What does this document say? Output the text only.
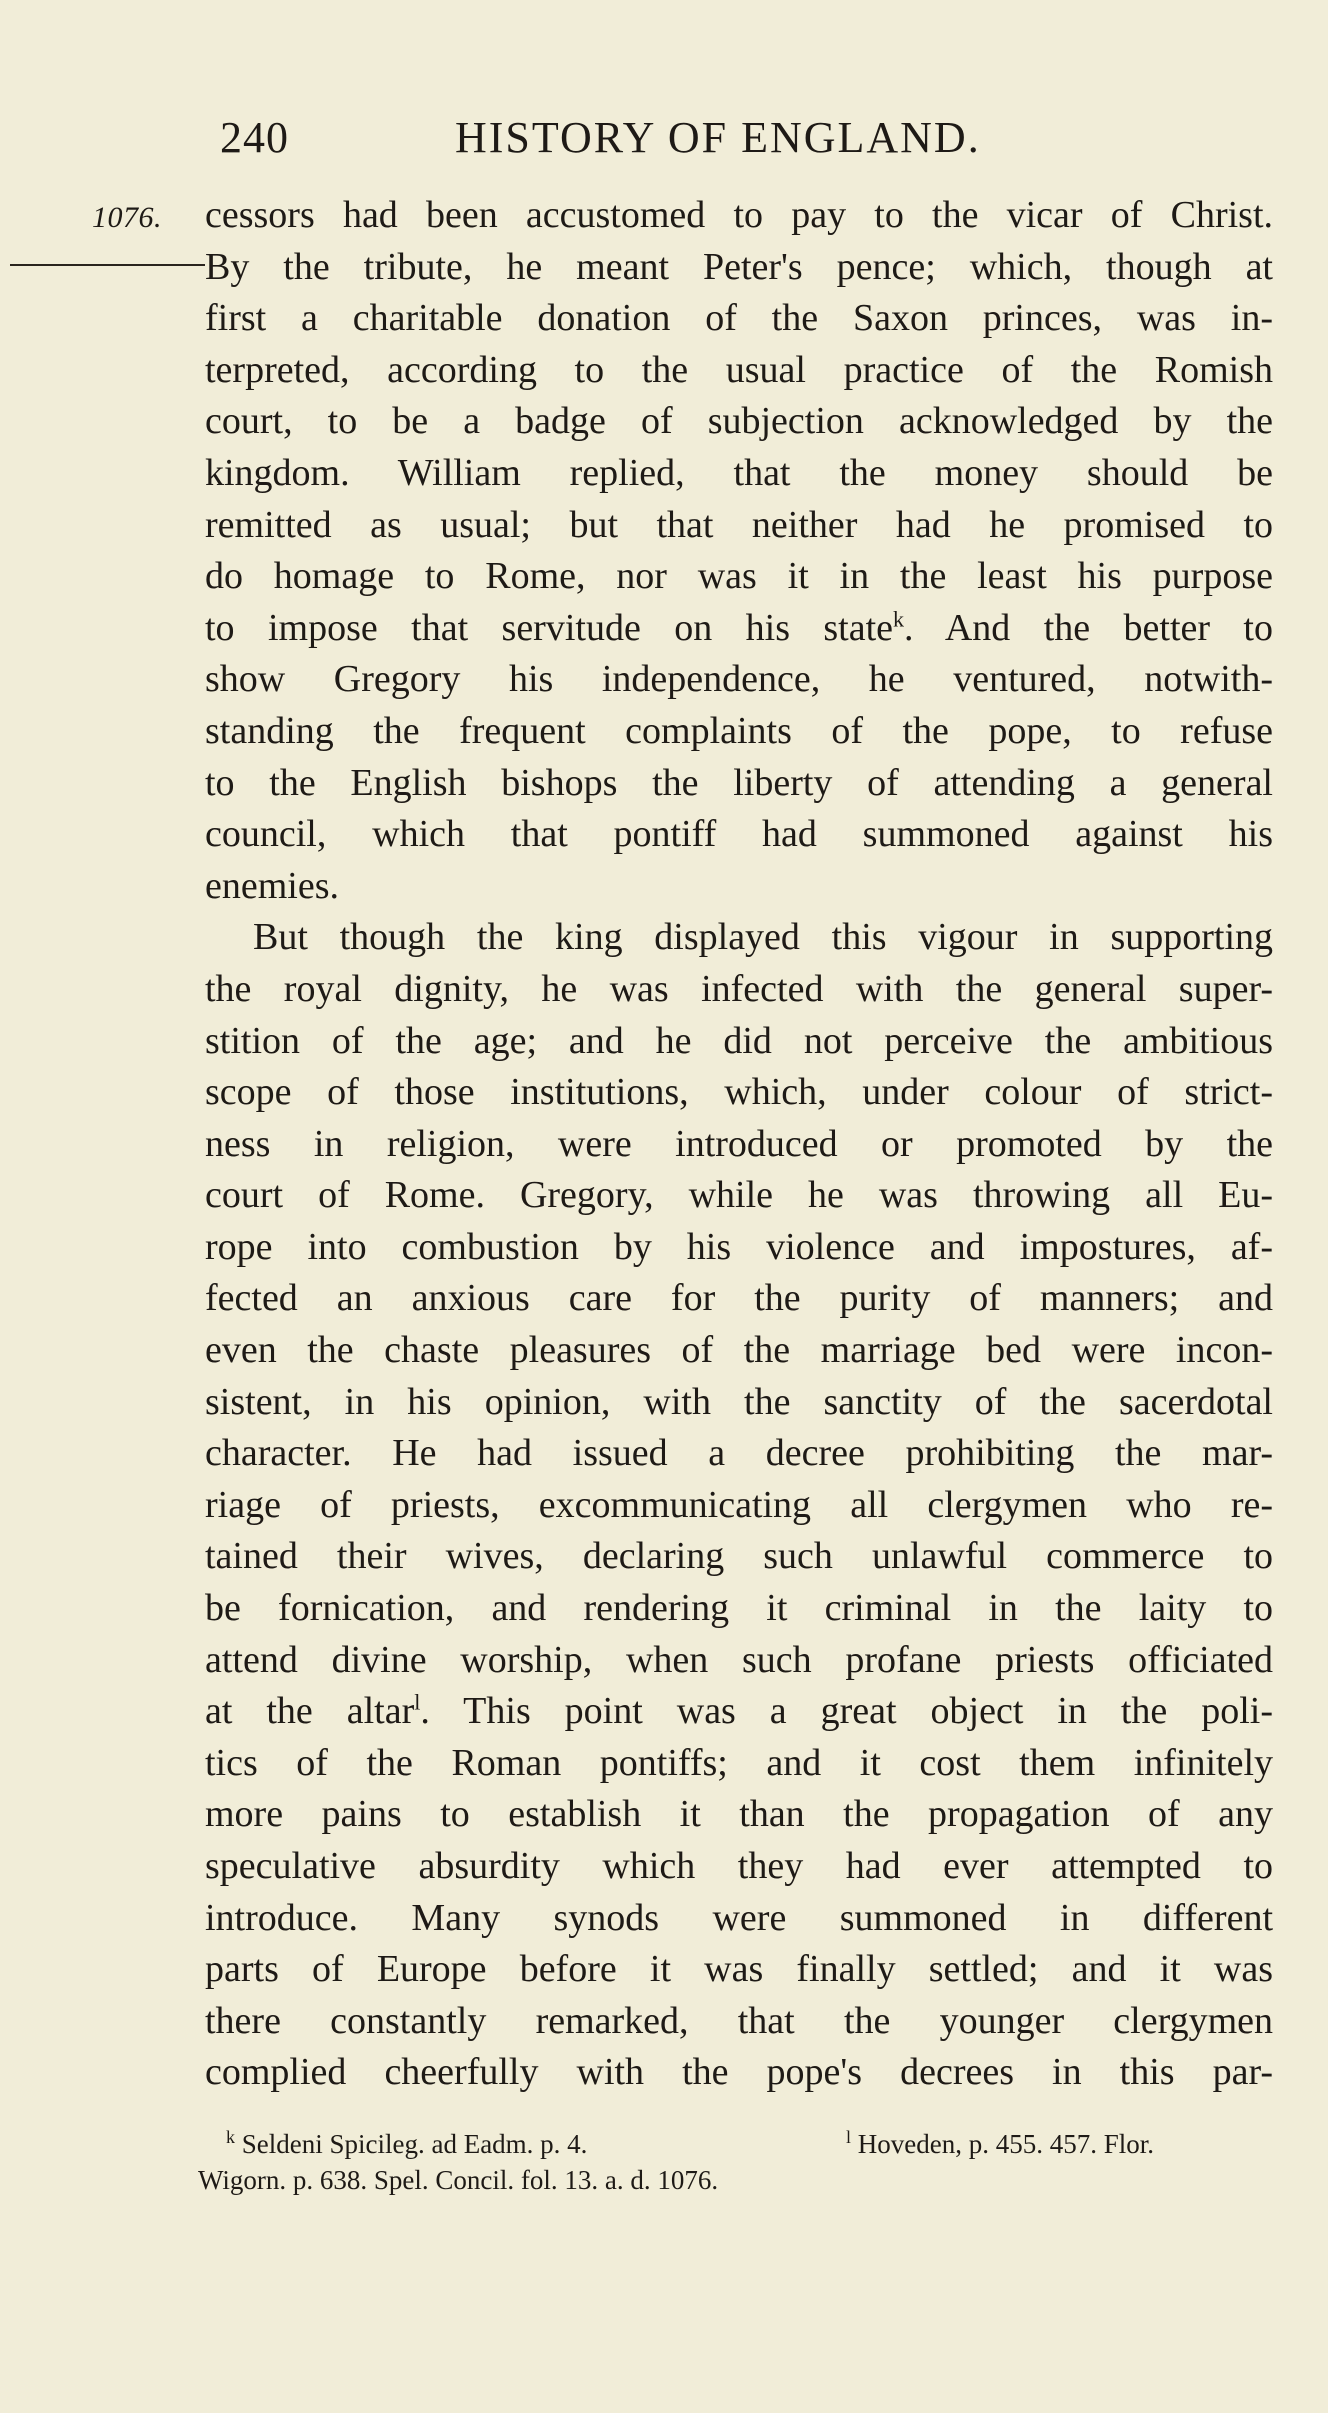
240	HISTORY OF ENGLAND.
1076. cessors had been accustomed to pay to the vicar of Christ.
By the tribute, he meant Peter's pence; which, though at
first a charitable donation of the Saxon princes, was in-
terpreted, according to the usual practice of the Romish
court, to be a badge of subjection acknowledged by the
kingdom. William replied, that the money should be
remitted as usual; but that neither had he promised to
do homage to Rome, nor was it in the least his purpose
to impose that servitude on his state$^k$. And the better to
show Gregory his independence, he ventured, notwith-
standing the frequent complaints of the pope, to refuse
to the English bishops the liberty of attending a general
council, which that pontiff had summoned against his
enemies.
But though the king displayed this vigour in supporting
the royal dignity, he was infected with the general super-
stition of the age; and he did not perceive the ambitious
scope of those institutions, which, under colour of strict-
ness in religion, were introduced or promoted by the
court of Rome. Gregory, while he was throwing all Eu-
rope into combustion by his violence and impostures, af-
fected an anxious care for the purity of manners; and
even the chaste pleasures of the marriage bed were incon-
sistent, in his opinion, with the sanctity of the sacerdotal
character. He had issued a decree prohibiting the mar-
riage of priests, excommunicating all clergymen who re-
tained their wives, declaring such unlawful commerce to
be fornication, and rendering it criminal in the laity to
attend divine worship, when such profane priests officiated
at the altar$^l$. This point was a great object in the poli-
tics of the Roman pontiffs; and it cost them infinitely
more pains to establish it than the propagation of any
speculative absurdity which they had ever attempted to
introduce. Many synods were summoned in different
parts of Europe before it was finally settled; and it was
there constantly remarked, that the younger clergymen
complied cheerfully with the pope's decrees in this par-
$^k$ Seldeni Spicileg. ad Eadm. p. 4.	$^l$ Hoveden, p. 455. 457. Flor.
Wigorn. p. 638. Spel. Concil. fol. 13. a. d. 1076.
